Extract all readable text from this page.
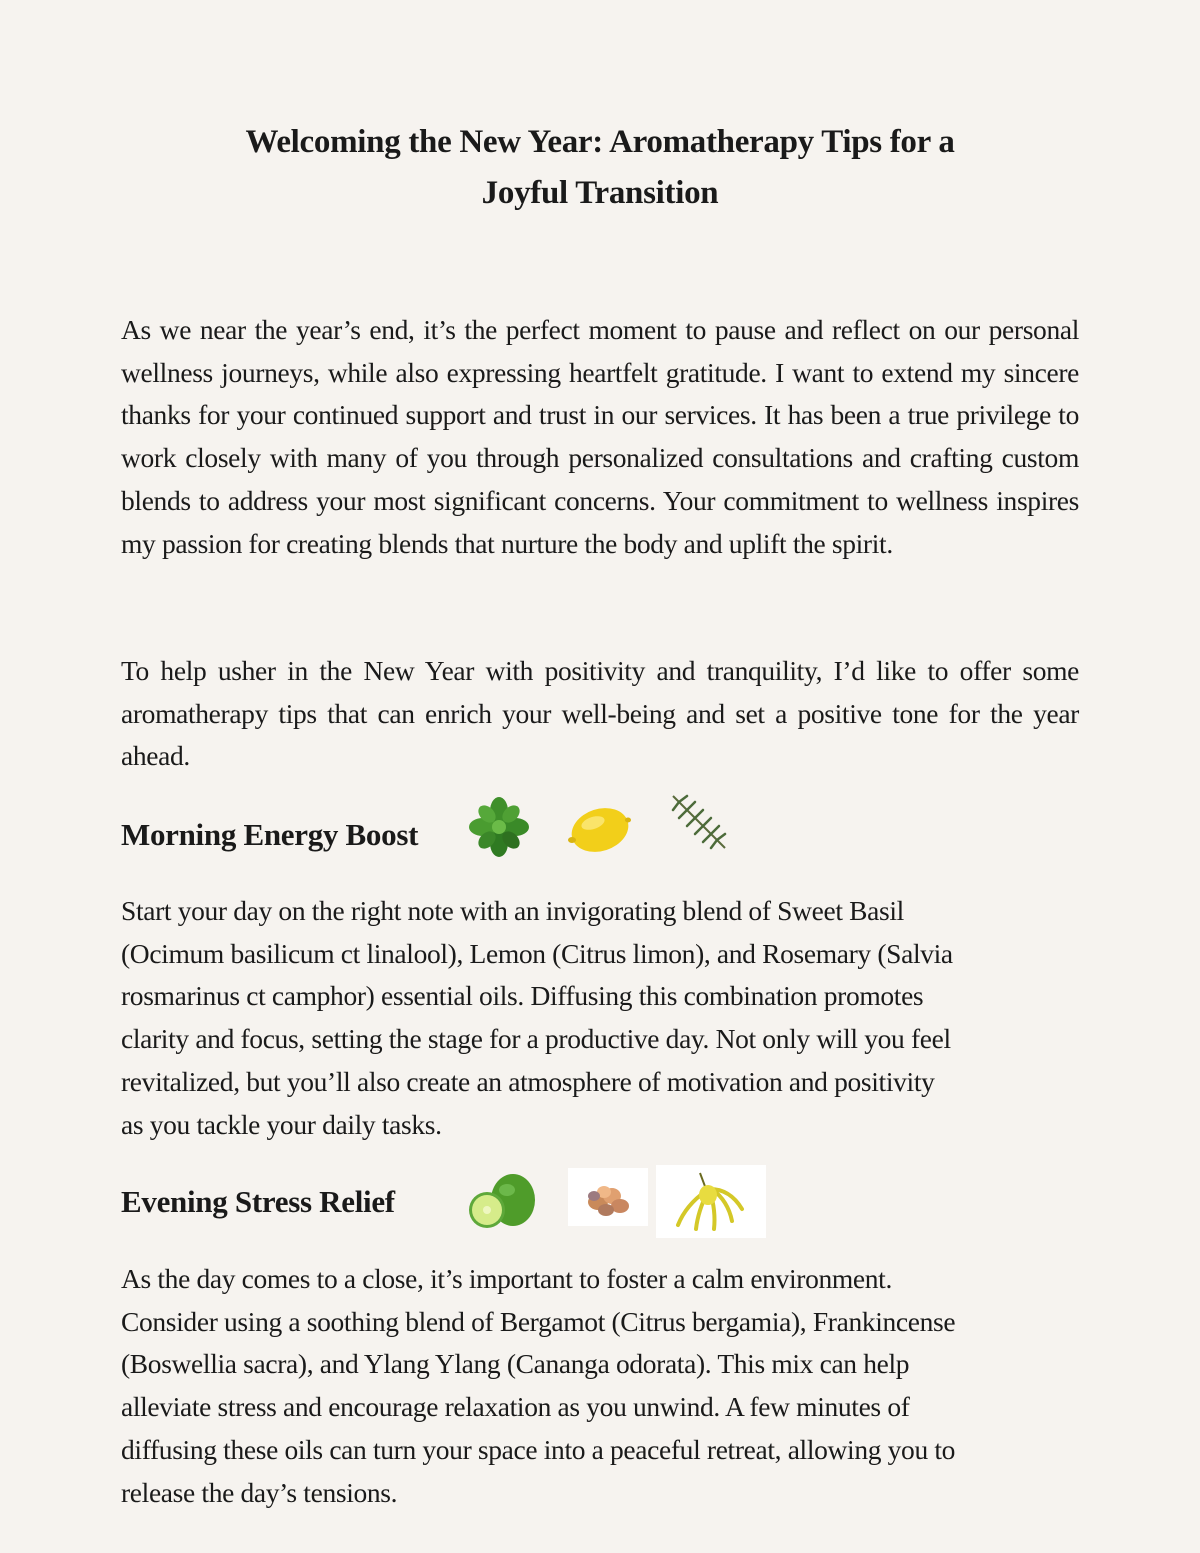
Welcoming the New Year: Aromatherapy Tips for a
Joyful Transition

As we near the year’s end, it’s the perfect moment to pause and reflect on our personal wellness journeys, while also expressing heartfelt gratitude. I want to extend my sincere thanks for your continued support and trust in our services. It has been a true privilege to work closely with many of you through personalized consultations and crafting custom blends to address your most significant concerns. Your commitment to wellness inspires my passion for creating blends that nurture the body and uplift the spirit.

To help usher in the New Year with positivity and tranquility, I’d like to offer some aromatherapy tips that can enrich your well-being and set a positive tone for the year ahead.

Morning Energy Boost

Start your day on the right note with an invigorating blend of Sweet Basil
(Ocimum basilicum ct linalool), Lemon (Citrus limon), and Rosemary (Salvia
rosmarinus ct camphor) essential oils. Diffusing this combination promotes
clarity and focus, setting the stage for a productive day. Not only will you feel
revitalized, but you’ll also create an atmosphere of motivation and positivity
as you tackle your daily tasks.

Evening Stress Relief

As the day comes to a close, it’s important to foster a calm environment.
Consider using a soothing blend of Bergamot (Citrus bergamia), Frankincense
(Boswellia sacra), and Ylang Ylang (Cananga odorata). This mix can help
alleviate stress and encourage relaxation as you unwind. A few minutes of
diffusing these oils can turn your space into a peaceful retreat, allowing you to
release the day’s tensions.
